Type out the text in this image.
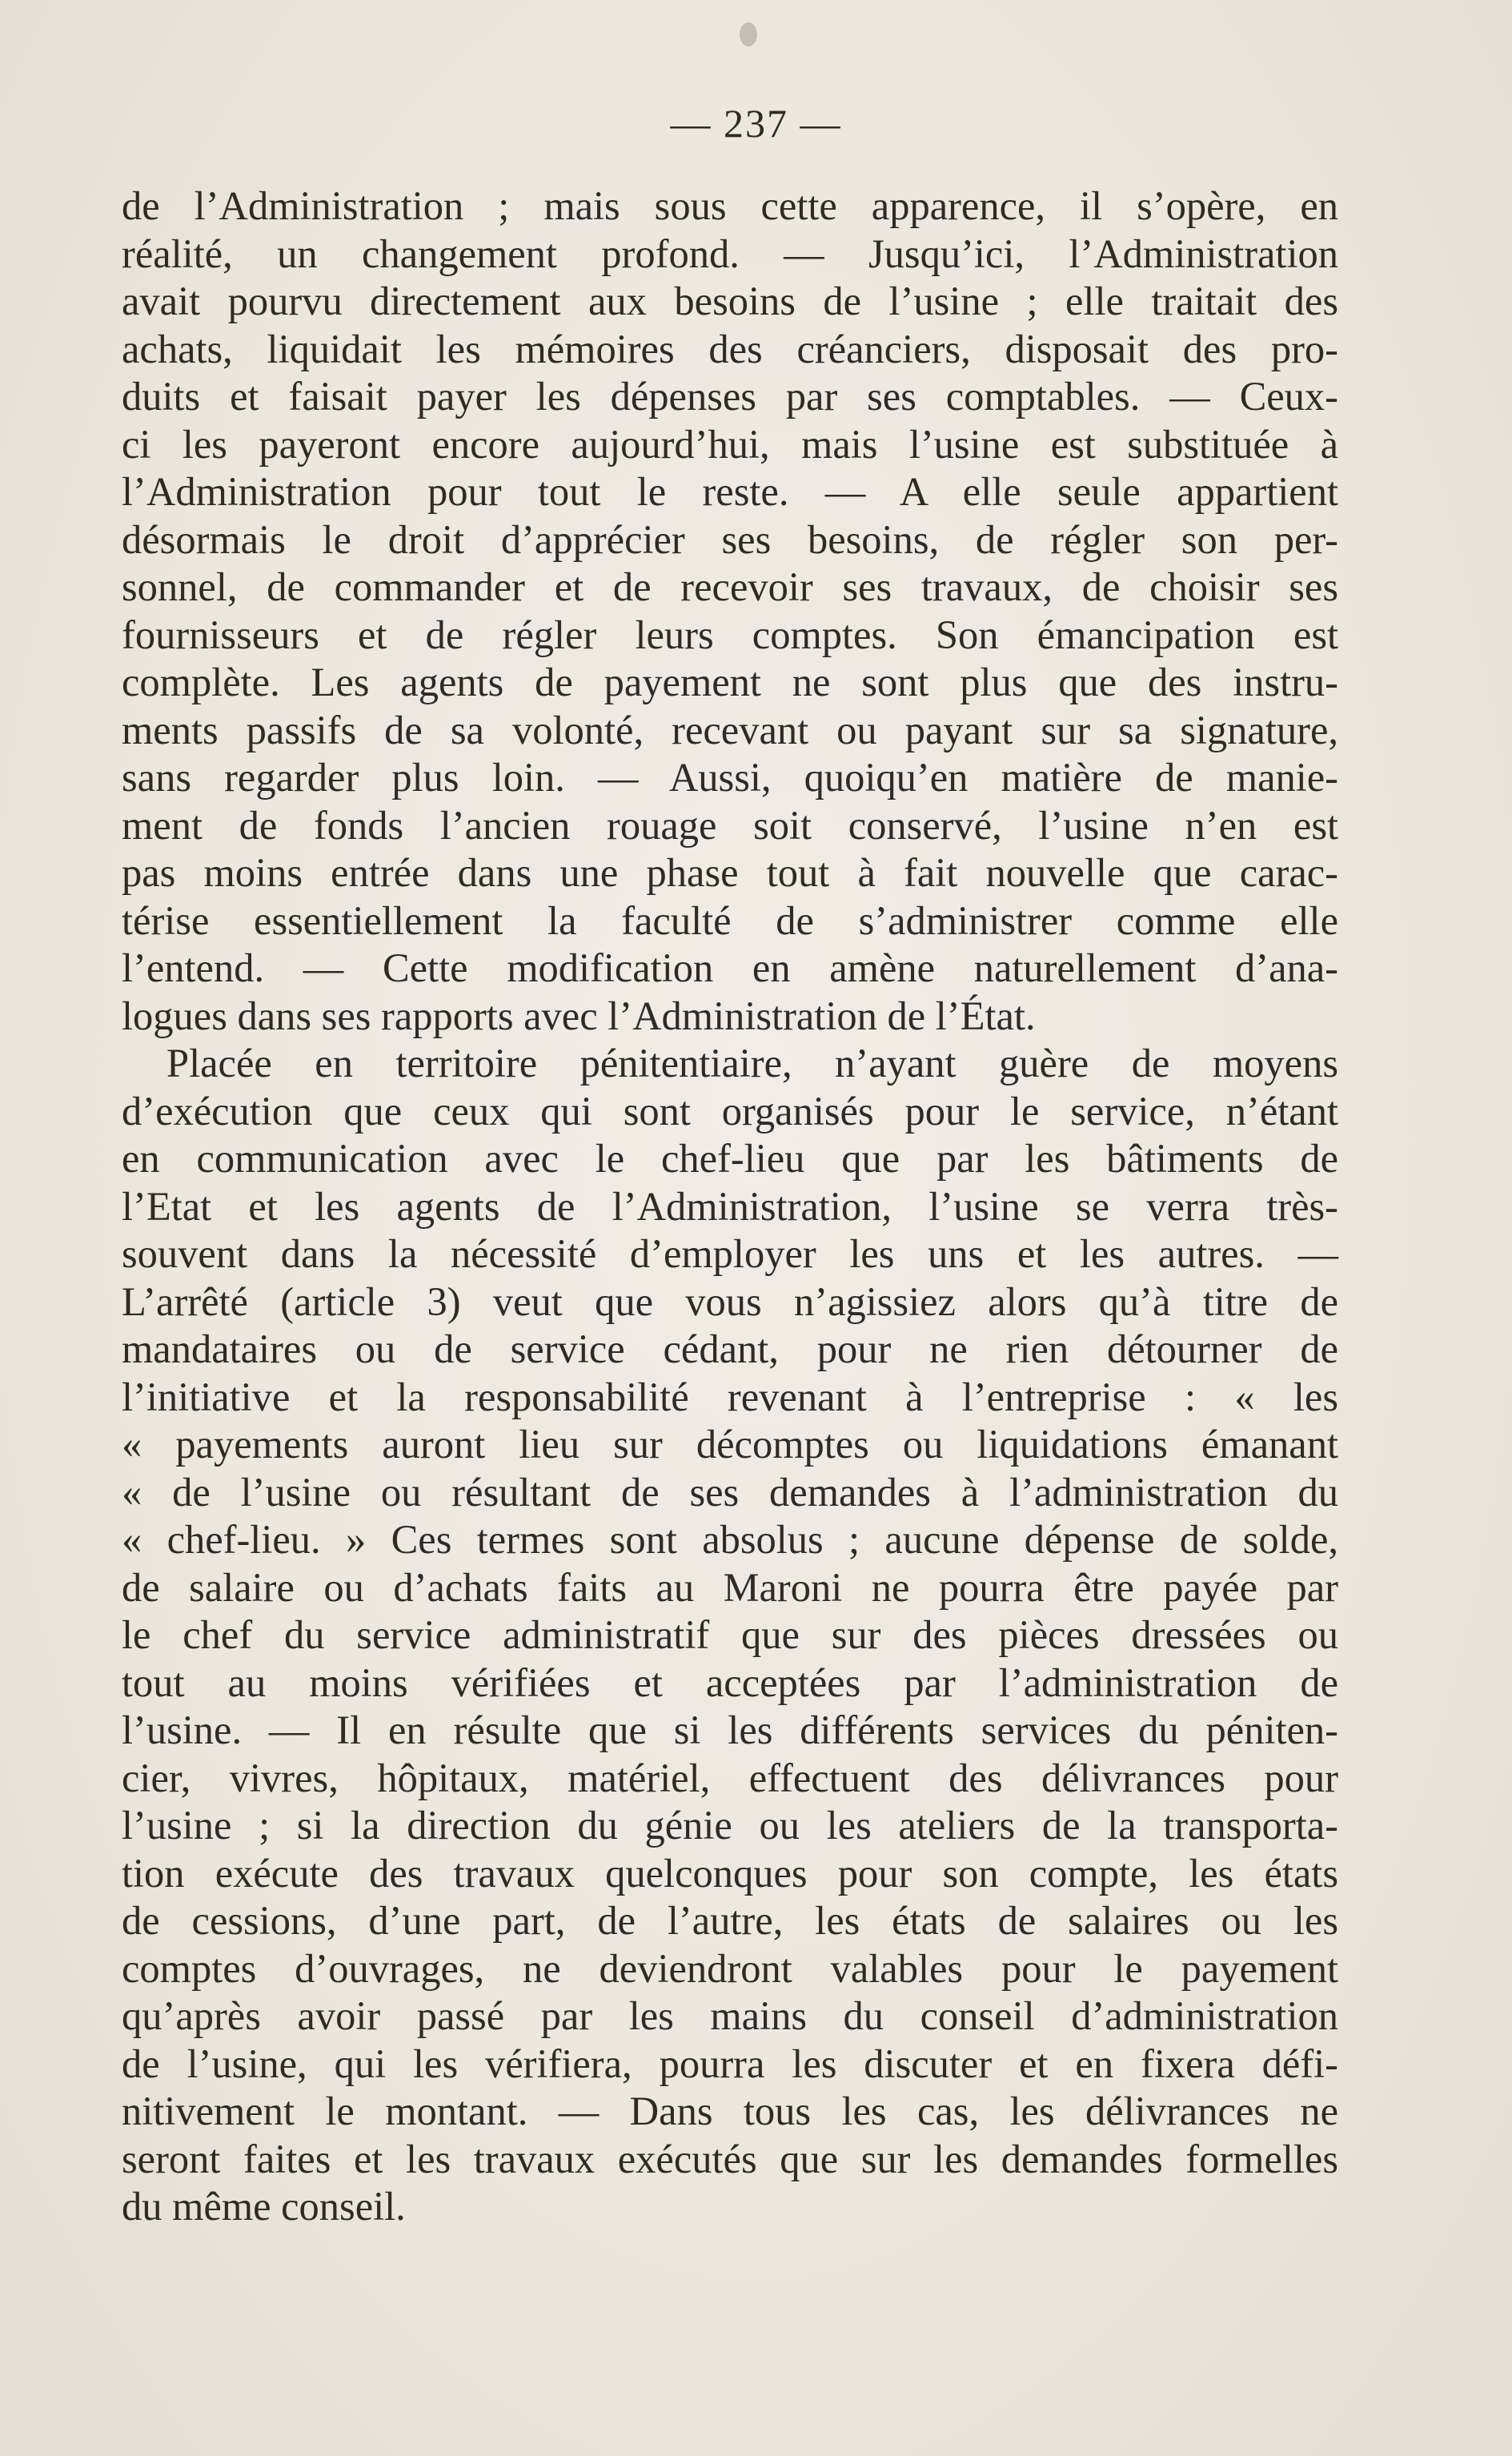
— 237 —
de l’Administration ; mais sous cette apparence, il s’opère, en
réalité, un changement profond. — Jusqu’ici, l’Administration
avait pourvu directement aux besoins de l’usine ; elle traitait des
achats, liquidait les mémoires des créanciers, disposait des pro-
duits et faisait payer les dépenses par ses comptables. — Ceux-
ci les payeront encore aujourd’hui, mais l’usine est substituée à
l’Administration pour tout le reste. — A elle seule appartient
désormais le droit d’apprécier ses besoins, de régler son per-
sonnel, de commander et de recevoir ses travaux, de choisir ses
fournisseurs et de régler leurs comptes. Son émancipation est
complète. Les agents de payement ne sont plus que des instru-
ments passifs de sa volonté, recevant ou payant sur sa signature,
sans regarder plus loin. — Aussi, quoiqu’en matière de manie-
ment de fonds l’ancien rouage soit conservé, l’usine n’en est
pas moins entrée dans une phase tout à fait nouvelle que carac-
térise essentiellement la faculté de s’administrer comme elle
l’entend. — Cette modification en amène naturellement d’ana-
logues dans ses rapports avec l’Administration de l’État.
Placée en territoire pénitentiaire, n’ayant guère de moyens
d’exécution que ceux qui sont organisés pour le service, n’étant
en communication avec le chef-lieu que par les bâtiments de
l’Etat et les agents de l’Administration, l’usine se verra très-
souvent dans la nécessité d’employer les uns et les autres. —
L’arrêté (article 3) veut que vous n’agissiez alors qu’à titre de
mandataires ou de service cédant, pour ne rien détourner de
l’initiative et la responsabilité revenant à l’entreprise : « les
« payements auront lieu sur décomptes ou liquidations émanant
« de l’usine ou résultant de ses demandes à l’administration du
« chef-lieu. » Ces termes sont absolus ; aucune dépense de solde,
de salaire ou d’achats faits au Maroni ne pourra être payée par
le chef du service administratif que sur des pièces dressées ou
tout au moins vérifiées et acceptées par l’administration de
l’usine. — Il en résulte que si les différents services du péniten-
cier, vivres, hôpitaux, matériel, effectuent des délivrances pour
l’usine ; si la direction du génie ou les ateliers de la transporta-
tion exécute des travaux quelconques pour son compte, les états
de cessions, d’une part, de l’autre, les états de salaires ou les
comptes d’ouvrages, ne deviendront valables pour le payement
qu’après avoir passé par les mains du conseil d’administration
de l’usine, qui les vérifiera, pourra les discuter et en fixera défi-
nitivement le montant. — Dans tous les cas, les délivrances ne
seront faites et les travaux exécutés que sur les demandes formelles
du même conseil.
